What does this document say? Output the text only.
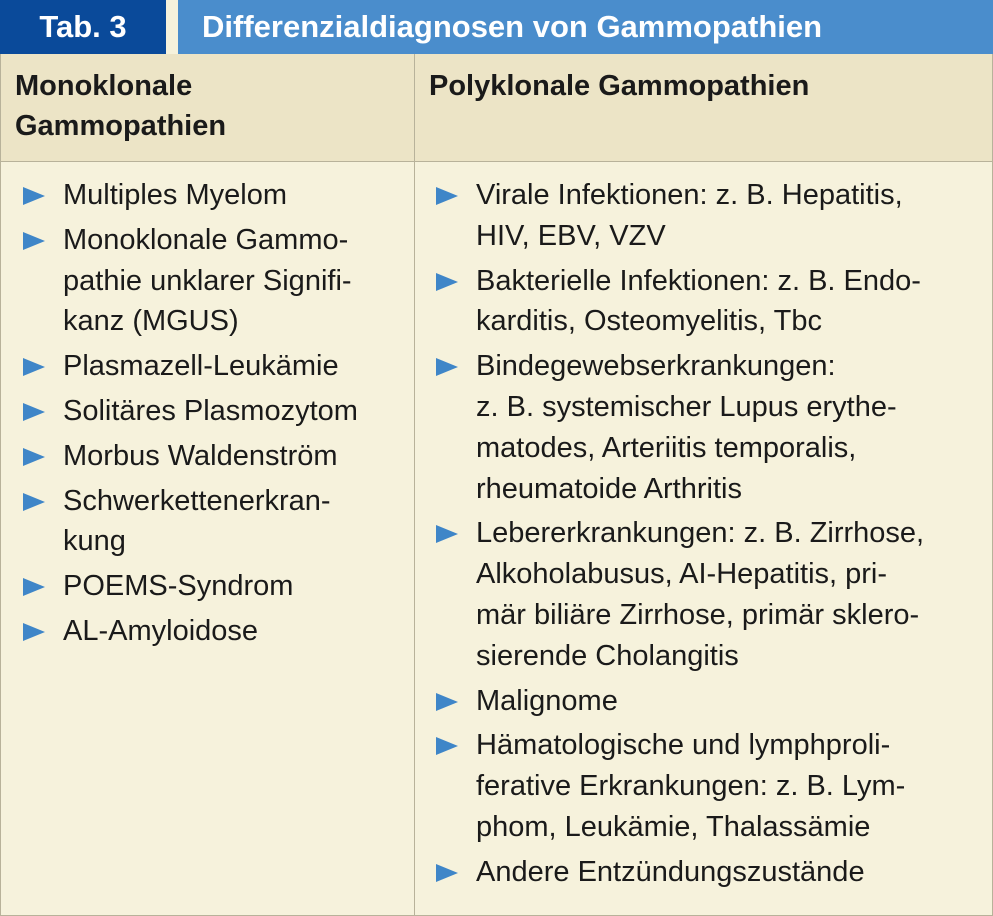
Tab. 3	Differenzialdiagnosen von Gammopathien
Monoklonale
Gammopathien
Polyklonale Gammopathien
Multiples Myelom
Monoklonale Gammo-
pathie unklarer Signifi-
kanz (MGUS)
Plasmazell-Leukämie
Solitäres Plasmozytom
Morbus Waldenström
Schwerkettenerkran-
kung
POEMS-Syndrom
AL-Amyloidose
Virale Infektionen: z. B. Hepatitis,
HIV, EBV, VZV
Bakterielle Infektionen: z. B. Endo-
karditis, Osteomyelitis, Tbc
Bindegewebserkrankungen:
z. B. systemischer Lupus erythe-
matodes, Arteriitis temporalis,
rheumatoide Arthritis
Lebererkrankungen: z. B. Zirrhose,
Alkoholabusus, AI-Hepatitis, pri-
mär biliäre Zirrhose, primär sklero-
sierende Cholangitis
Malignome
Hämatologische und lymphproli-
ferative Erkrankungen: z. B. Lym-
phom, Leukämie, Thalassämie
Andere Entzündungszustände
